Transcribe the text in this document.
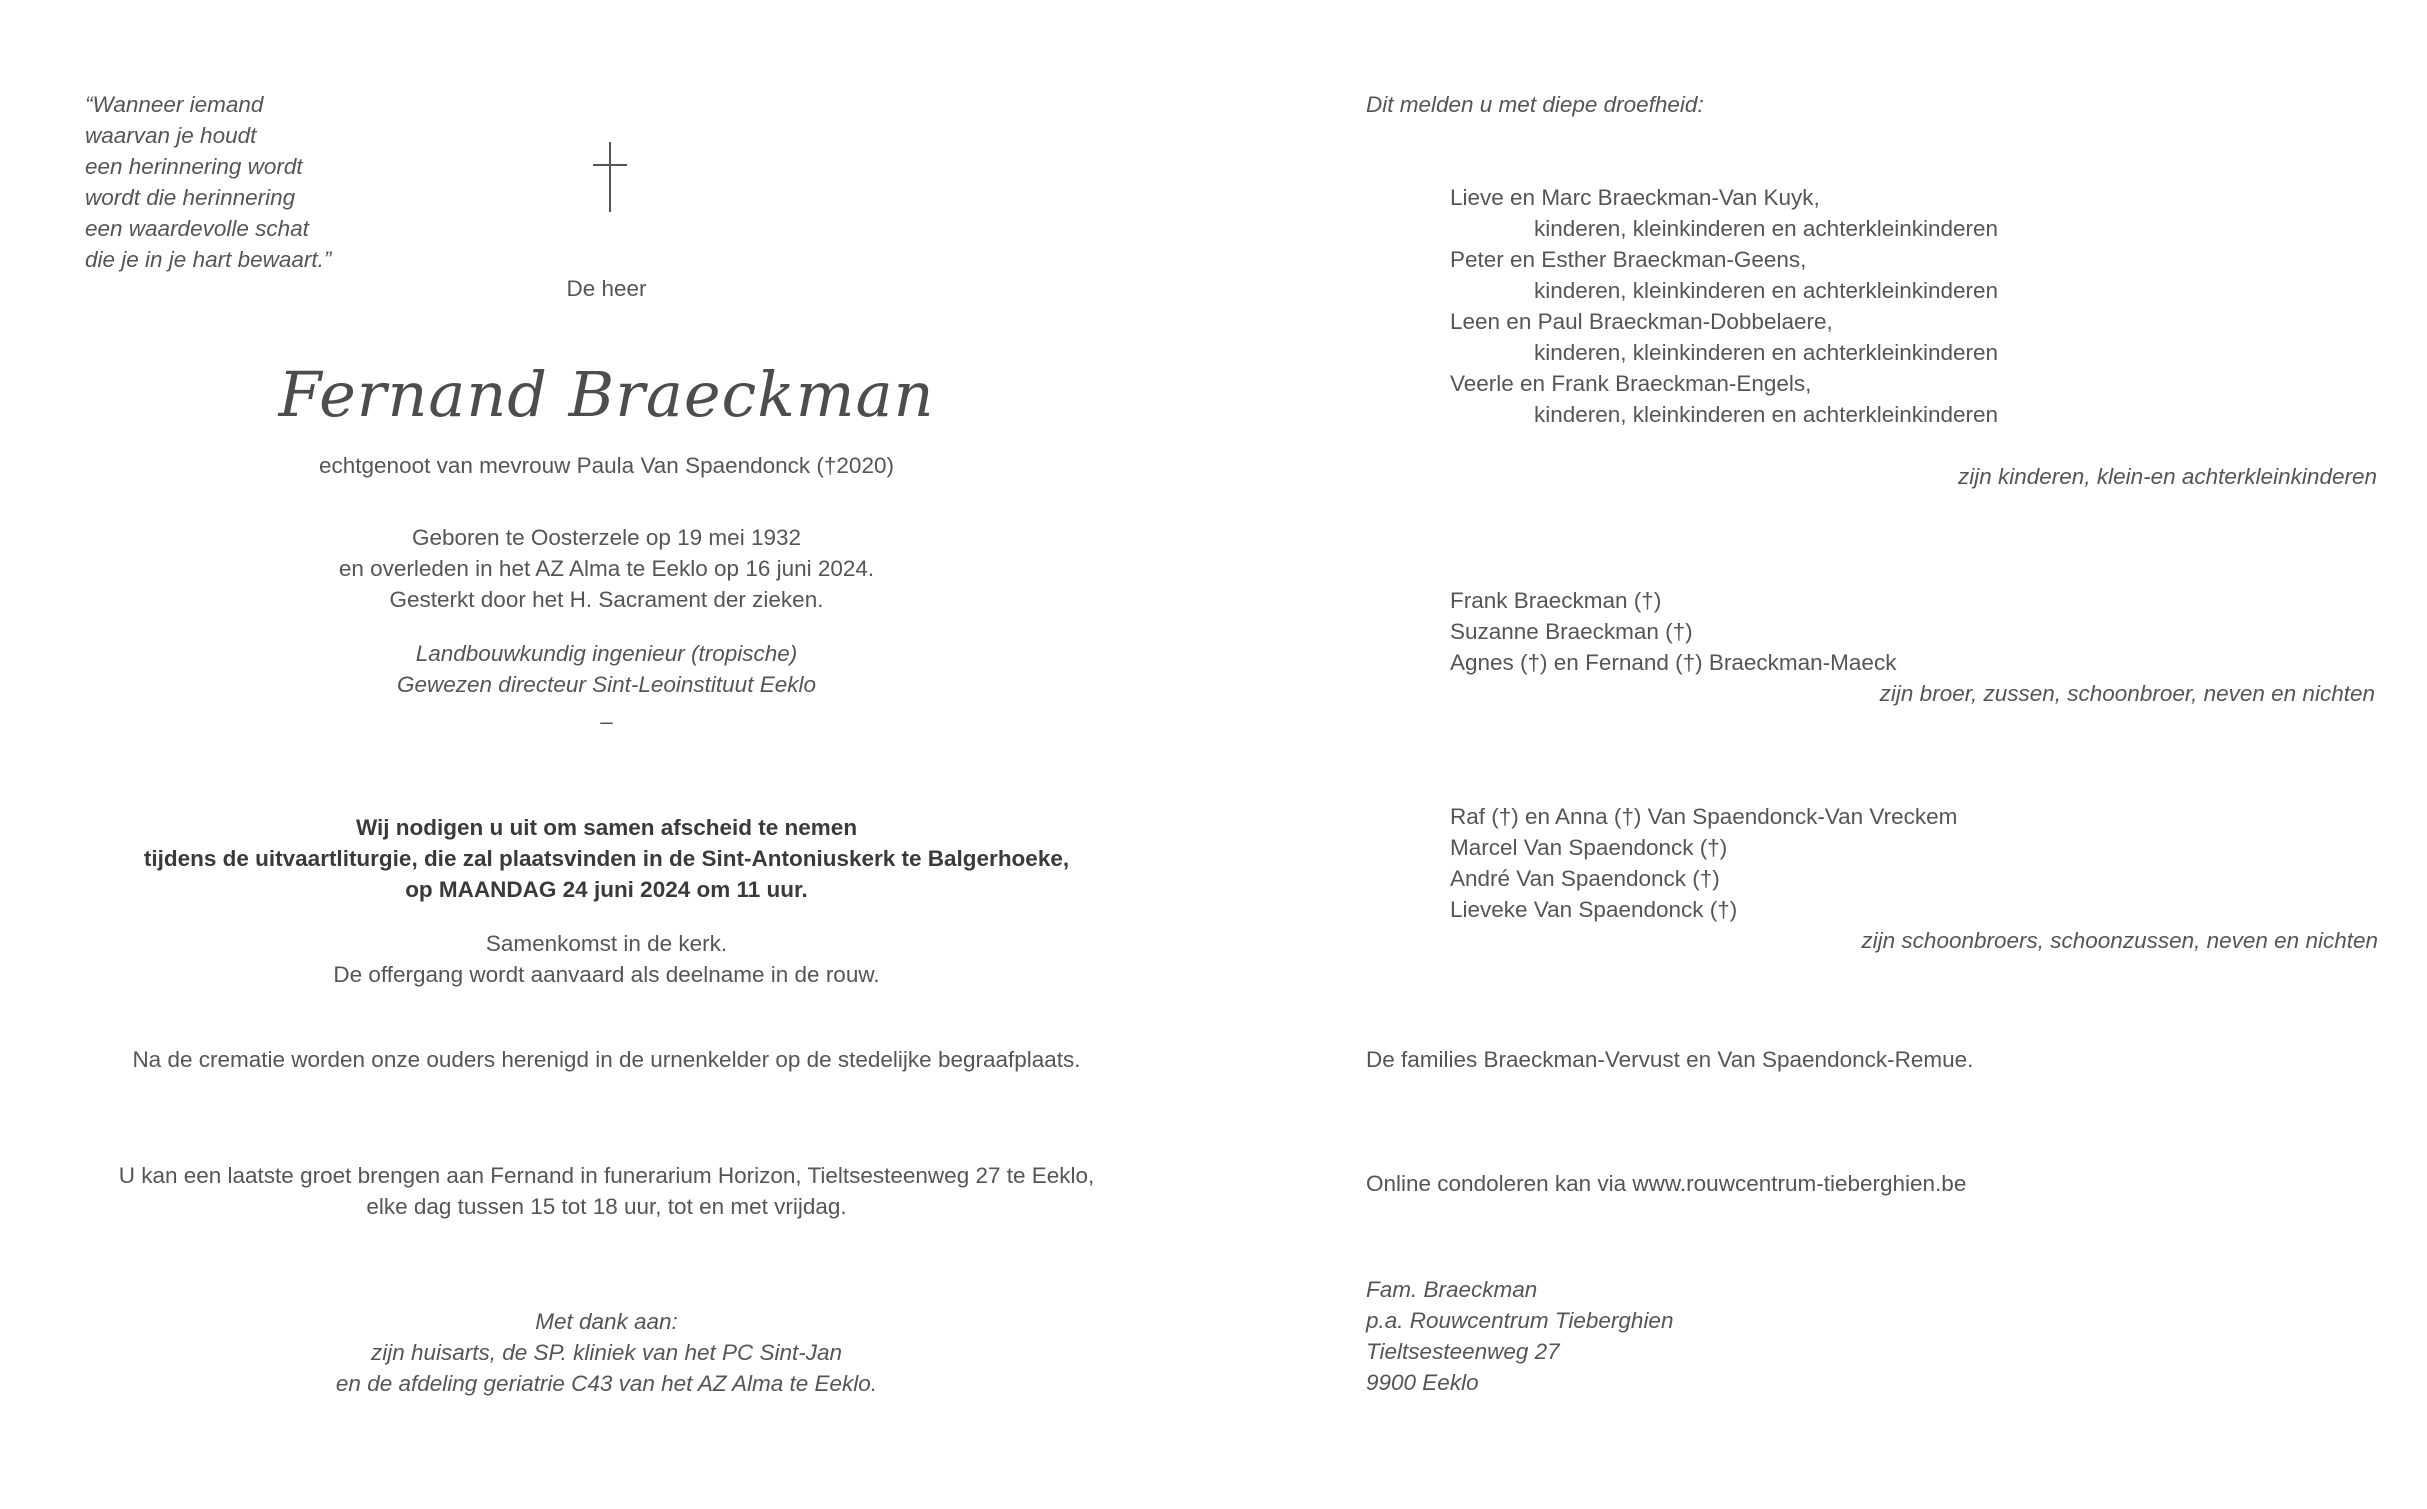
“Wanneer iemand
waarvan je houdt
een herinnering wordt
wordt die herinnering
een waardevolle schat
die je in je hart bewaart.”
De heer
Fernand Braeckman
echtgenoot van mevrouw Paula Van Spaendonck (†2020)
Geboren te Oosterzele op 19 mei 1932
en overleden in het AZ Alma te Eeklo op 16 juni 2024.
Gesterkt door het H. Sacrament der zieken.
Landbouwkundig ingenieur (tropische)
Gewezen directeur Sint-Leoinstituut Eeklo
–
Wij nodigen u uit om samen afscheid te nemen
tijdens de uitvaartliturgie, die zal plaatsvinden in de Sint-Antoniuskerk te Balgerhoeke,
op MAANDAG 24 juni 2024 om 11 uur.
Samenkomst in de kerk.
De offergang wordt aanvaard als deelname in de rouw.
Na de crematie worden onze ouders herenigd in de urnenkelder op de stedelijke begraafplaats.
U kan een laatste groet brengen aan Fernand in funerarium Horizon, Tieltsesteenweg 27 te Eeklo,
elke dag tussen 15 tot 18 uur, tot en met vrijdag.
Met dank aan:
zijn huisarts, de SP. kliniek van het PC Sint-Jan
en de afdeling geriatrie C43 van het AZ Alma te Eeklo.
Dit melden u met diepe droefheid:
Lieve en Marc Braeckman-Van Kuyk,
kinderen, kleinkinderen en achterkleinkinderen
Peter en Esther Braeckman-Geens,
kinderen, kleinkinderen en achterkleinkinderen
Leen en Paul Braeckman-Dobbelaere,
kinderen, kleinkinderen en achterkleinkinderen
Veerle en Frank Braeckman-Engels,
kinderen, kleinkinderen en achterkleinkinderen
zijn kinderen, klein-en achterkleinkinderen
Frank Braeckman (†)
Suzanne Braeckman (†)
Agnes (†) en Fernand (†) Braeckman-Maeck
zijn broer, zussen, schoonbroer, neven en nichten
Raf (†) en Anna (†) Van Spaendonck-Van Vreckem
Marcel Van Spaendonck (†)
André Van Spaendonck (†)
Lieveke Van Spaendonck (†)
zijn schoonbroers, schoonzussen, neven en nichten
De families Braeckman-Vervust en Van Spaendonck-Remue.
Online condoleren kan via www.rouwcentrum-tieberghien.be
Fam. Braeckman
p.a. Rouwcentrum Tieberghien
Tieltsesteenweg 27
9900 Eeklo
